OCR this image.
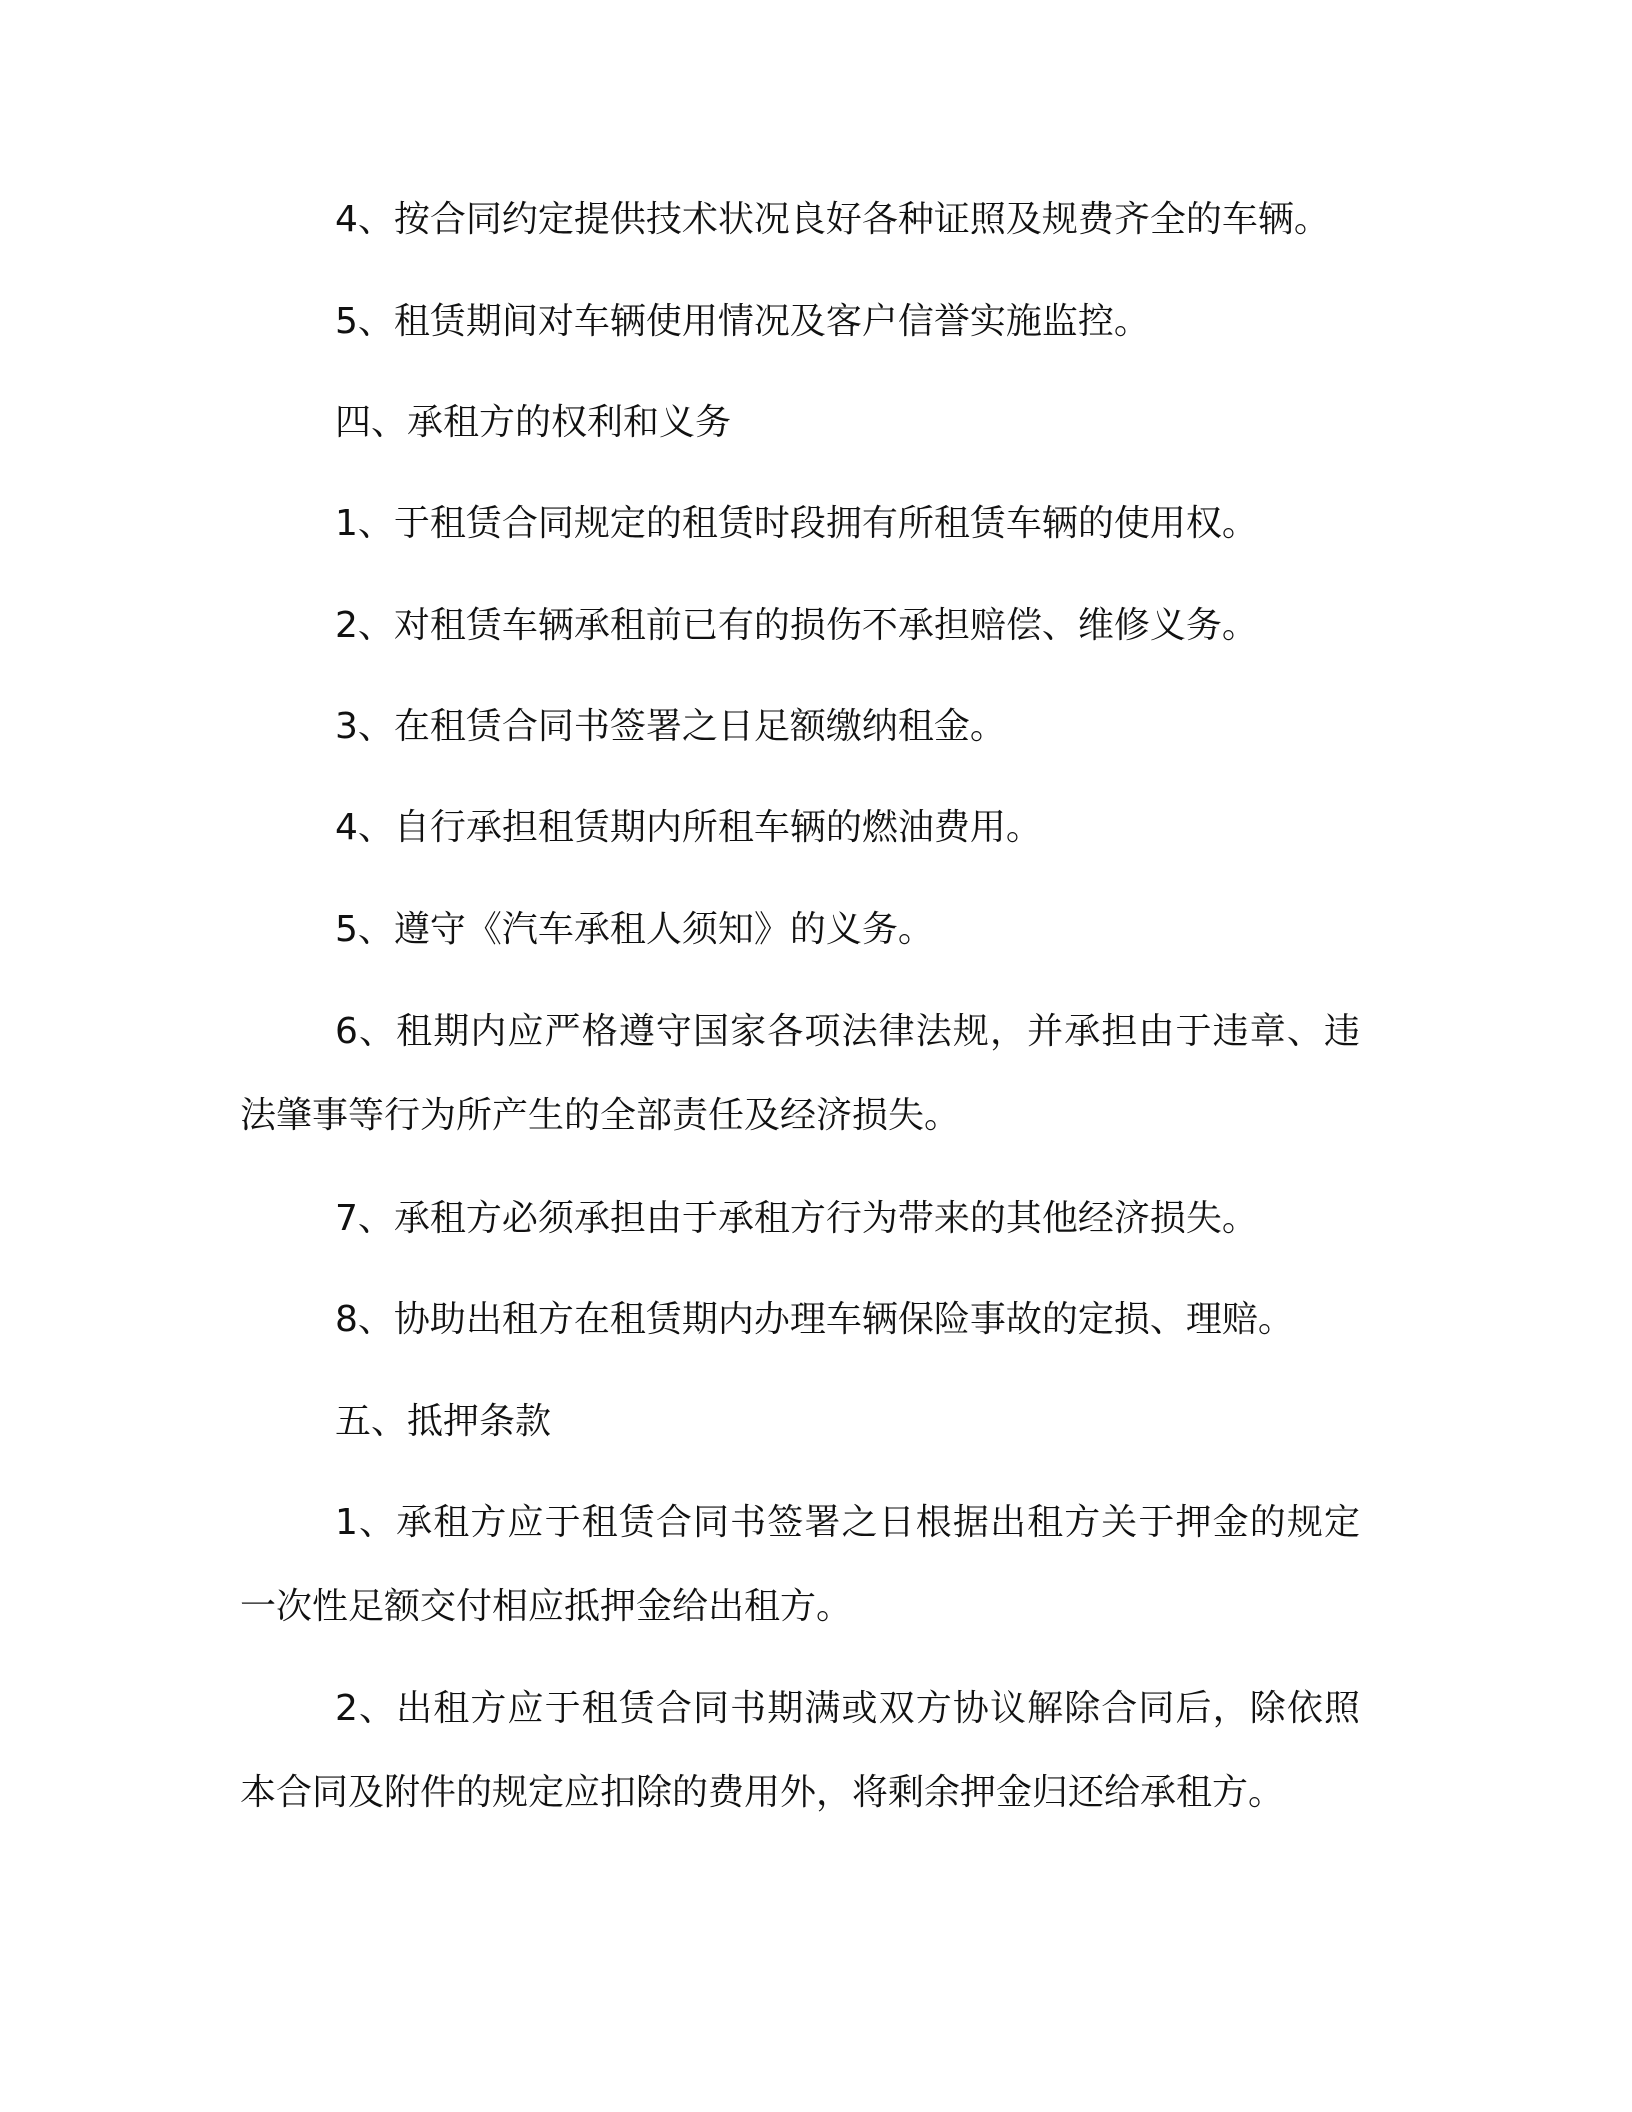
4、按合同约定提供技术状况良好各种证照及规费齐全的车辆。
5、租赁期间对车辆使用情况及客户信誉实施监控。
四、承租方的权利和义务
1、于租赁合同规定的租赁时段拥有所租赁车辆的使用权。
2、对租赁车辆承租前已有的损伤不承担赔偿、维修义务。
3、在租赁合同书签署之日足额缴纳租金。
4、自行承担租赁期内所租车辆的燃油费用。
5、遵守《汽车承租人须知》的义务。
6、租期内应严格遵守国家各项法律法规，并承担由于违章、违法肇事等行为所产生的全部责任及经济损失。
7、承租方必须承担由于承租方行为带来的其他经济损失。
8、协助出租方在租赁期内办理车辆保险事故的定损、理赔。
五、抵押条款
1、承租方应于租赁合同书签署之日根据出租方关于押金的规定一次性足额交付相应抵押金给出租方。
2、出租方应于租赁合同书期满或双方协议解除合同后，除依照本合同及附件的规定应扣除的费用外，将剩余押金归还给承租方。
